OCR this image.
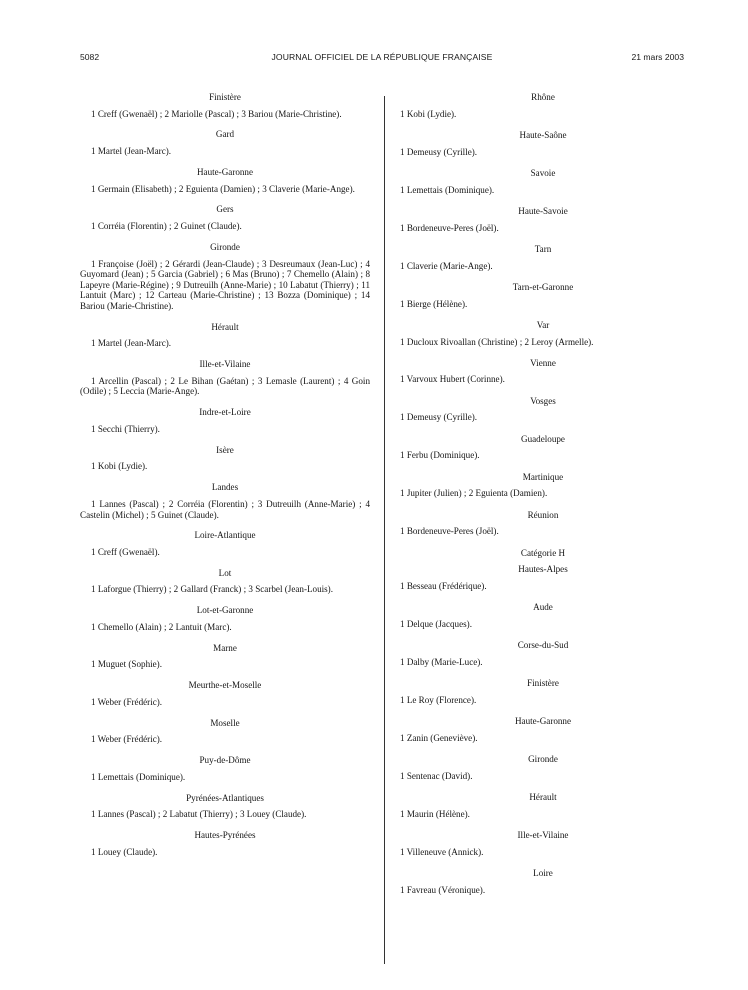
5082	JOURNAL OFFICIEL DE LA RÉPUBLIQUE FRANÇAISE	21 mars 2003

Finistère

1 Creff (Gwenaël) ; 2 Mariolle (Pascal) ; 3 Bariou (Marie-Christine).

Gard

1 Martel (Jean-Marc).

Haute-Garonne

1 Germain (Elisabeth) ; 2 Eguienta (Damien) ; 3 Claverie (Marie-Ange).

Gers

1 Corréia (Florentin) ; 2 Guinet (Claude).

Gironde

1 Françoise (Joël) ; 2 Gérardi (Jean-Claude) ; 3 Desreumaux (Jean-Luc) ; 4 Guyomard (Jean) ; 5 Garcia (Gabriel) ; 6 Mas (Bruno) ; 7 Chemello (Alain) ; 8 Lapeyre (Marie-Régine) ; 9 Dutreuilh (Anne-Marie) ; 10 Labatut (Thierry) ; 11 Lantuit (Marc) ; 12 Carteau (Marie-Christine) ; 13 Bozza (Dominique) ; 14 Bariou (Marie-Christine).

Hérault

1 Martel (Jean-Marc).

Ille-et-Vilaine

1 Arcellin (Pascal) ; 2 Le Bihan (Gaétan) ; 3 Lemasle (Laurent) ; 4 Goin (Odile) ; 5 Leccia (Marie-Ange).

Indre-et-Loire

1 Secchi (Thierry).

Isère

1 Kobi (Lydie).

Landes

1 Lannes (Pascal) ; 2 Corréia (Florentin) ; 3 Dutreuilh (Anne-Marie) ; 4 Castelin (Michel) ; 5 Guinet (Claude).

Loire-Atlantique

1 Creff (Gwenaël).

Lot

1 Laforgue (Thierry) ; 2 Gallard (Franck) ; 3 Scarbel (Jean-Louis).

Lot-et-Garonne

1 Chemello (Alain) ; 2 Lantuit (Marc).

Marne

1 Muguet (Sophie).

Meurthe-et-Moselle

1 Weber (Frédéric).

Moselle

1 Weber (Frédéric).

Puy-de-Dôme

1 Lemettais (Dominique).

Pyrénées-Atlantiques

1 Lannes (Pascal) ; 2 Labatut (Thierry) ; 3 Louey (Claude).

Hautes-Pyrénées

1 Louey (Claude).

Rhône

1 Kobi (Lydie).

Haute-Saône

1 Demeusy (Cyrille).

Savoie

1 Lemettais (Dominique).

Haute-Savoie

1 Bordeneuve-Peres (Joël).

Tarn

1 Claverie (Marie-Ange).

Tarn-et-Garonne

1 Bierge (Hélène).

Var

1 Ducloux Rivoallan (Christine) ; 2 Leroy (Armelle).

Vienne

1 Varvoux Hubert (Corinne).

Vosges

1 Demeusy (Cyrille).

Guadeloupe

1 Ferbu (Dominique).

Martinique

1 Jupiter (Julien) ; 2 Eguienta (Damien).

Réunion

1 Bordeneuve-Peres (Joël).

Catégorie H

Hautes-Alpes

1 Besseau (Frédérique).

Aude

1 Delque (Jacques).

Corse-du-Sud

1 Dalby (Marie-Luce).

Finistère

1 Le Roy (Florence).

Haute-Garonne

1 Zanin (Geneviève).

Gironde

1 Sentenac (David).

Hérault

1 Maurin (Hélène).

Ille-et-Vilaine

1 Villeneuve (Annick).

Loire

1 Favreau (Véronique).
